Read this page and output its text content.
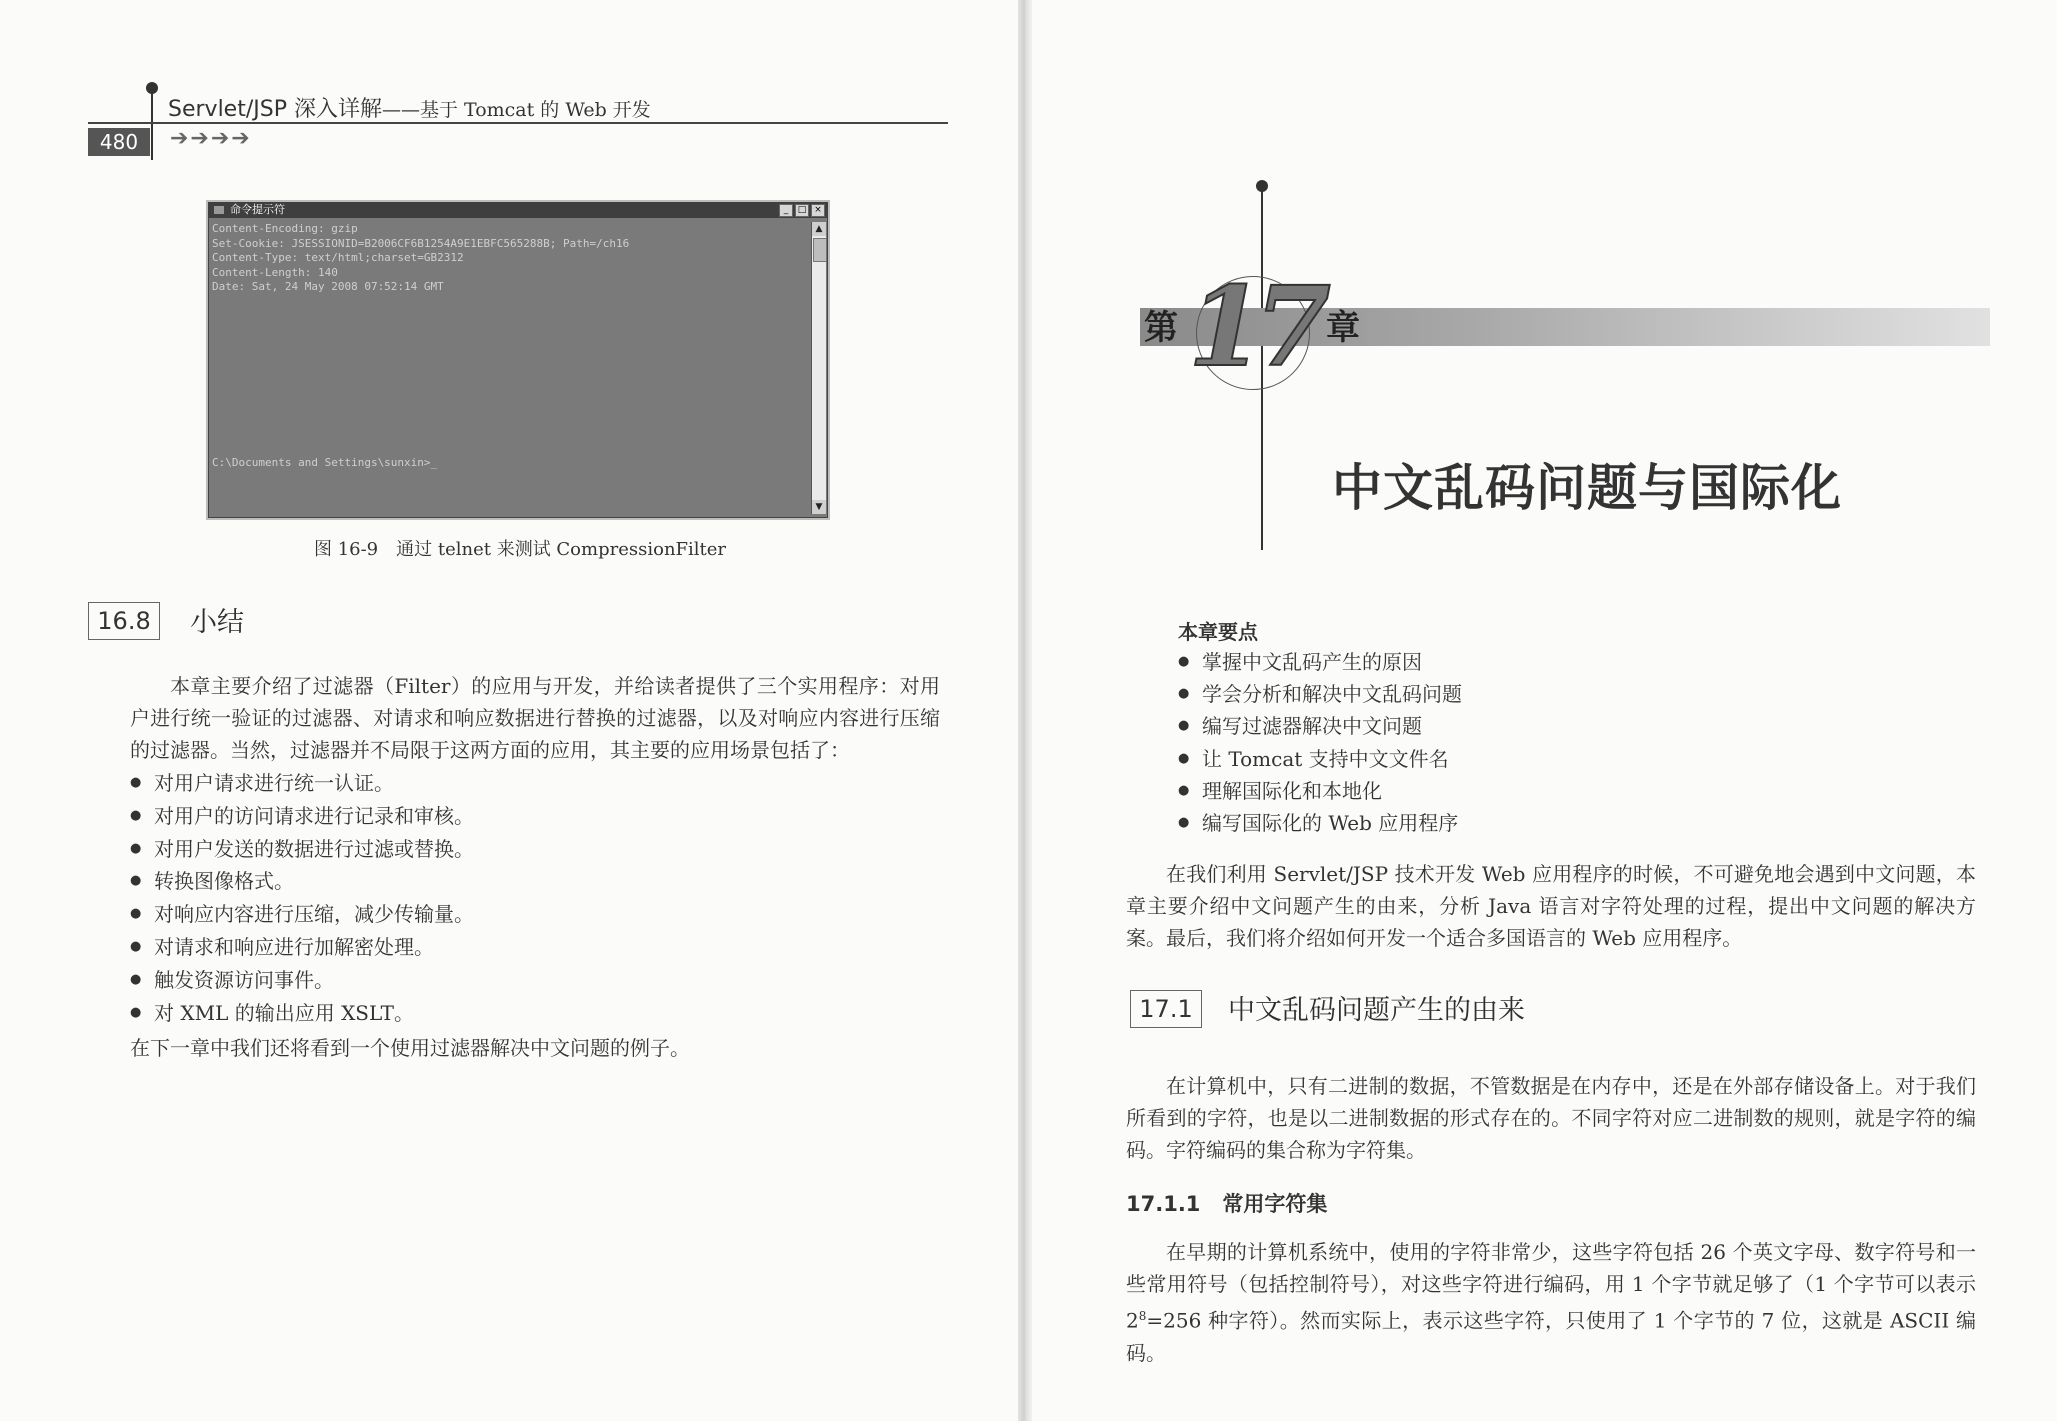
Servlet/JSP 深入详解——基于 Tomcat 的 Web 开发
480	➔➔➔➔
命令提示符	_	□ ×
Content-Encoding: gzip
Set-Cookie: JSESSIONID=B2006CF6B1254A9E1EBFC565288B; Path=/ch16
Content-Type: text/html;charset=GB2312
Content-Length: 140
Date: Sat, 24 May 2008 07:52:14 GMT

C:\Documents and Settings\sunxin>_
▲
▼
图 16-9　通过 telnet 来测试 CompressionFilter
16.8	小结

本章主要介绍了过滤器（Filter）的应用与开发，并给读者提供了三个实用程序：对用户进行统一验证的过滤器、对请求和响应数据进行替换的过滤器，以及对响应内容进行压缩的过滤器。当然，过滤器并不局限于这两方面的应用，其主要的应用场景包括了：

● 对用户请求进行统一认证。
● 对用户的访问请求进行记录和审核。
● 对用户发送的数据进行过滤或替换。
● 转换图像格式。
● 对响应内容进行压缩，减少传输量。
● 对请求和响应进行加解密处理。
● 触发资源访问事件。
● 对 XML 的输出应用 XSLT。

在下一章中我们还将看到一个使用过滤器解决中文问题的例子。

第 17 章
中文乱码问题与国际化
本章要点
● 掌握中文乱码产生的原因
● 学会分析和解决中文乱码问题
● 编写过滤器解决中文问题
● 让 Tomcat 支持中文文件名
● 理解国际化和本地化
● 编写国际化的 Web 应用程序

在我们利用 Servlet/JSP 技术开发 Web 应用程序的时候，不可避免地会遇到中文问题，本章主要介绍中文问题产生的由来，分析 Java 语言对字符处理的过程，提出中文问题的解决方案。最后，我们将介绍如何开发一个适合多国语言的 Web 应用程序。

17.1	中文乱码问题产生的由来

在计算机中，只有二进制的数据，不管数据是在内存中，还是在外部存储设备上。对于我们所看到的字符，也是以二进制数据的形式存在的。不同字符对应二进制数的规则，就是字符的编码。字符编码的集合称为字符集。

17.1.1 常用字符集

在早期的计算机系统中，使用的字符非常少，这些字符包括 26 个英文字母、数字符号和一些常用符号（包括控制符号），对这些字符进行编码，用 1 个字节就足够了（1 个字节可以表示 $2^8=256$ 种字符）。然而实际上，表示这些字符，只使用了 1 个字节的 7 位，这就是 ASCII 编码。
